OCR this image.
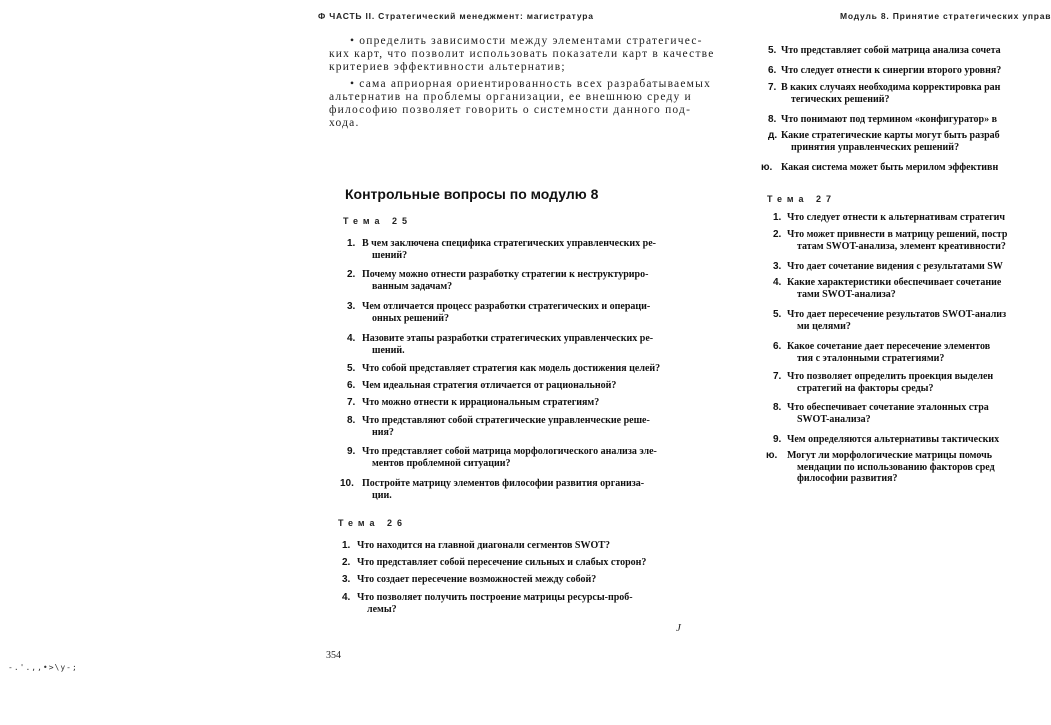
Ф ЧАСТЬ II. Стратегический менеджмент: магистратура
Контрольные вопросы по модулю 8
Тема 25
Тема 26
J
354
-.'.,,•>\у-;
Модуль 8. Принятие стратегических управ
Тема 27
• определить зависимости между элементами стратегичес-
ких карт, что позволит использовать показатели карт в качестве
критериев эффективности альтернатив;
• сама априорная ориентированность всех разрабатываемых
альтернатив на проблемы организации, ее внешнюю среду и
философию позволяет говорить о системности данного под-
хода.
1. В чем заключена специфика стратегических управленческих ре-
шений?
2. Почему можно отнести разработку стратегии к неструктуриро-
ванным задачам?
3. Чем отличается процесс разработки стратегических и операци-
онных решений?
4. Назовите этапы разработки стратегических управленческих ре-
шений.
5. Что собой представляет стратегия как модель достижения целей?
6. Чем идеальная стратегия отличается от рациональной?
7. Что можно отнести к иррациональным стратегиям?
8. Что представляют собой стратегические управленческие реше-
ния?
9. Что представляет собой матрица морфологического анализа эле-
ментов проблемной ситуации?
10. Постройте матрицу элементов философии развития организа-
ции.
1. Что находится на главной диагонали сегментов SWOT?
2. Что представляет собой пересечение сильных и слабых сторон?
3. Что создает пересечение возможностей между собой?
4. Что позволяет получить построение матрицы ресурсы-проб-
лемы?
5. Что представляет собой матрица анализа сочета
6. Что следует отнести к синергии второго уровня?
7. В каких случаях необходима корректировка ран
тегических решений?
8. Что понимают под термином «конфигуратор» в
д. Какие стратегические карты могут быть разраб
принятия управленческих решений?
ю. Какая система может быть мерилом эффективн
1. Что следует отнести к альтернативам стратегич
2. Что может привнести в матрицу решений, постр
татам SWOT-анализа, элемент креативности?
3. Что дает сочетание видения с результатами SW
4. Какие характеристики обеспечивает сочетание
тами SWOT-анализа?
5. Что дает пересечение результатов SWOT-анализ
ми целями?
6. Какое сочетание дает пересечение элементов
тия с эталонными стратегиями?
7. Что позволяет определить проекция выделен
стратегий на факторы среды?
8. Что обеспечивает сочетание эталонных стра
SWOT-анализа?
9. Чем определяются альтернативы тактических
ю. Могут ли морфологические матрицы помочь
мендации по использованию факторов сред
философии развития?
